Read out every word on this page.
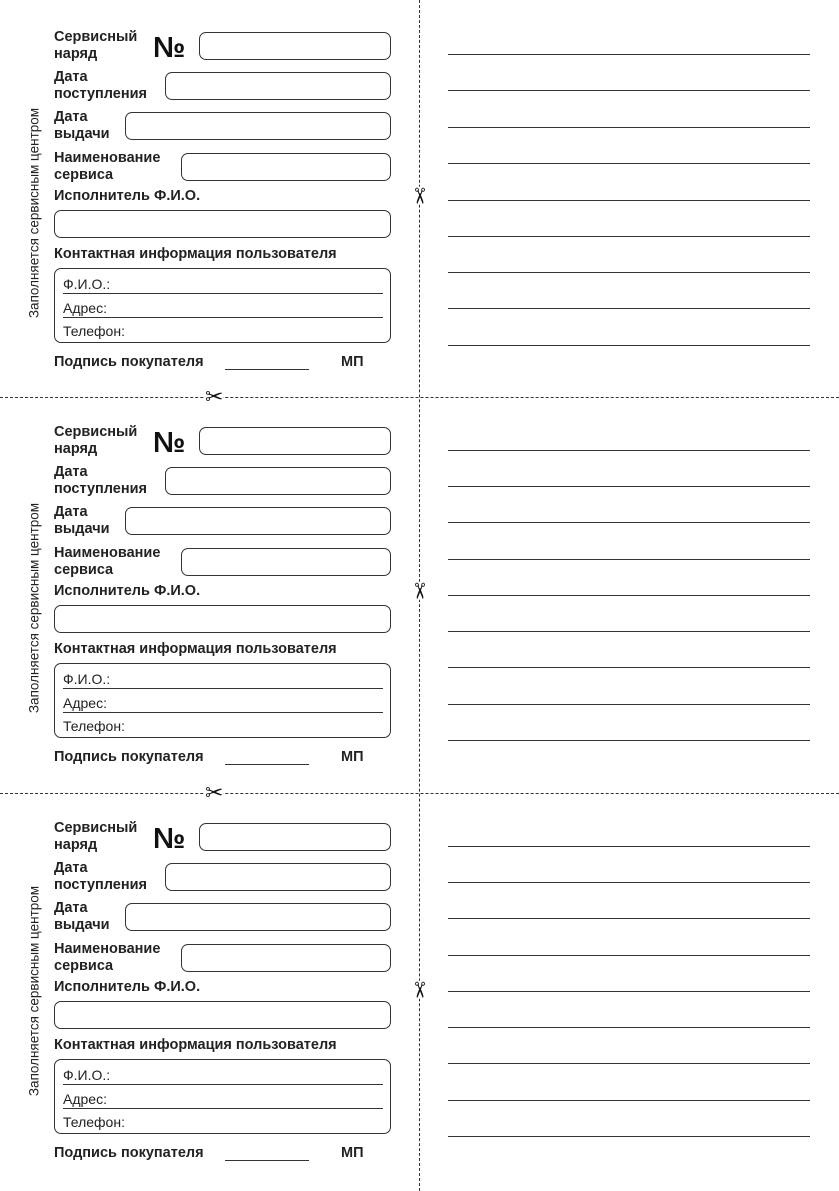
✂
✂
✂
✂
✂
Заполняется сервисным центром
Сервисный
наряд	№
Дата
поступления
Дата
выдачи
Наименование
сервиса
Исполнитель Ф.И.О.
Контактная информация пользователя
Ф.И.О.:
Адрес:
Телефон:
Подпись покупателя	МП
Заполняется сервисным центром
Сервисный
наряд	№
Дата
поступления
Дата
выдачи
Наименование
сервиса
Исполнитель Ф.И.О.
Контактная информация пользователя
Ф.И.О.:
Адрес:
Телефон:
Подпись покупателя	МП
Заполняется сервисным центром
Сервисный
наряд	№
Дата
поступления
Дата
выдачи
Наименование
сервиса
Исполнитель Ф.И.О.
Контактная информация пользователя
Ф.И.О.:
Адрес:
Телефон:
Подпись покупателя	МП
